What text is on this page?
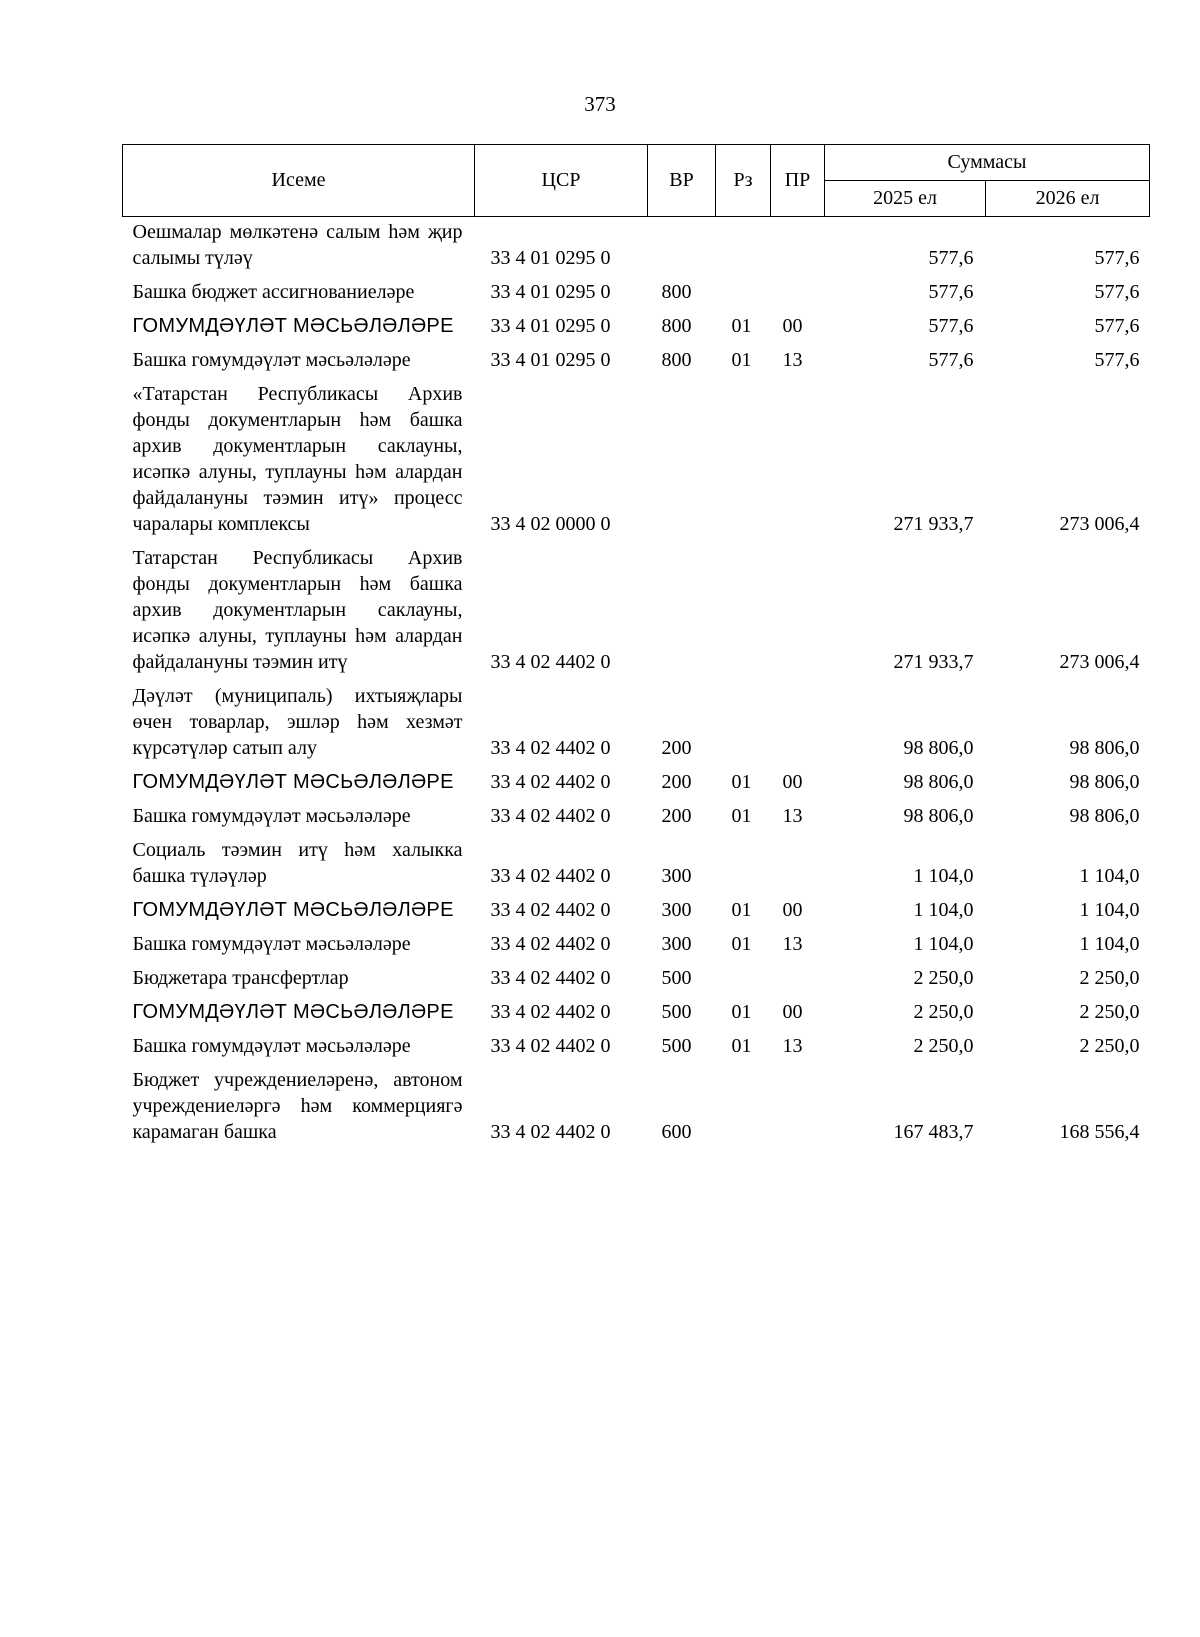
373
Исеме	ЦСР	ВР	Рз	ПР	Суммасы	
					2025 ел	2026 ел
Оешмалар мөлкәтенә салым һәм җир салымы түләү	33 4 01 0295 0				577,6	577,6
Башка бюджет ассигнованиеләре	33 4 01 0295 0	800			577,6	577,6
ГОМУМДӘҮЛӘТ МӘСЬӘЛӘЛӘРЕ	33 4 01 0295 0	800	01	00	577,6	577,6
Башка гомумдәүләт мәсьәләләре	33 4 01 0295 0	800	01	13	577,6	577,6
«Татарстан Республикасы Архив фонды документларын һәм башка архив документларын саклауны, исәпкә алуны, туплауны һәм алардан файдалануны тәэмин итү» процесс чаралары комплексы	33 4 02 0000 0				271 933,7	273 006,4
Татарстан Республикасы Архив фонды документларын һәм башка архив документларын саклауны, исәпкә алуны, туплауны һәм алардан файдалануны тәэмин итү	33 4 02 4402 0				271 933,7	273 006,4
Дәүләт (муниципаль) ихтыяҗлары өчен товарлар, эшләр һәм хезмәт күрсәтүләр сатып алу	33 4 02 4402 0	200			98 806,0	98 806,0
ГОМУМДӘҮЛӘТ МӘСЬӘЛӘЛӘРЕ	33 4 02 4402 0	200	01	00	98 806,0	98 806,0
Башка гомумдәүләт мәсьәләләре	33 4 02 4402 0	200	01	13	98 806,0	98 806,0
Социаль тәэмин итү һәм халыкка башка түләүләр	33 4 02 4402 0	300			1 104,0	1 104,0
ГОМУМДӘҮЛӘТ МӘСЬӘЛӘЛӘРЕ	33 4 02 4402 0	300	01	00	1 104,0	1 104,0
Башка гомумдәүләт мәсьәләләре	33 4 02 4402 0	300	01	13	1 104,0	1 104,0
Бюджетара трансфертлар	33 4 02 4402 0	500			2 250,0	2 250,0
ГОМУМДӘҮЛӘТ МӘСЬӘЛӘЛӘРЕ	33 4 02 4402 0	500	01	00	2 250,0	2 250,0
Башка гомумдәүләт мәсьәләләре	33 4 02 4402 0	500	01	13	2 250,0	2 250,0
Бюджет учреждениеләренә, автоном учреждениеләргә һәм коммерциягә карамаган башка	33 4 02 4402 0	600			167 483,7	168 556,4
